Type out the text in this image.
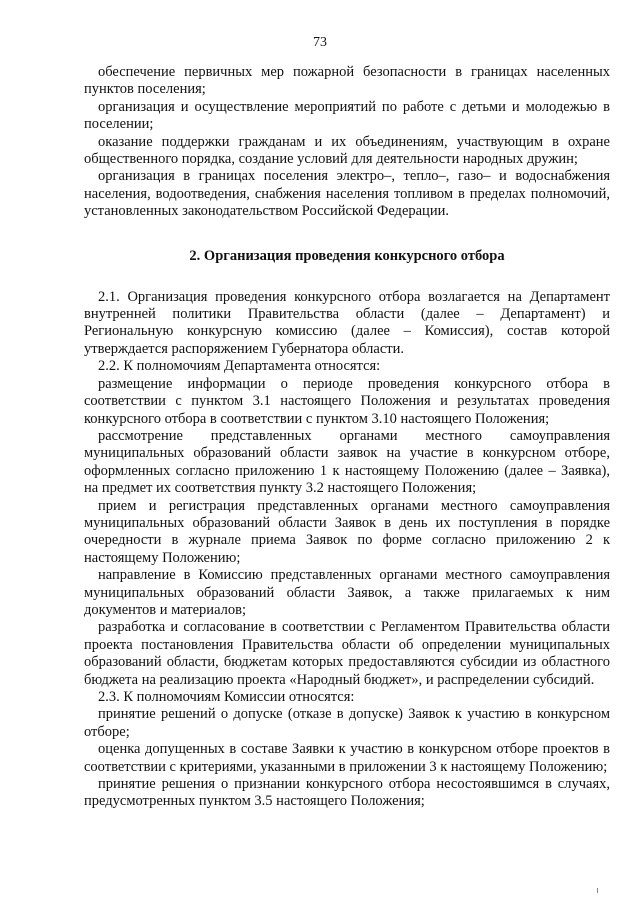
73

обеспечение первичных мер пожарной безопасности в границах населенных пунктов поселения;

организация и осуществление мероприятий по работе с детьми и молодежью в поселении;

оказание поддержки гражданам и их объединениям, участвующим в охране общественного порядка, создание условий для деятельности народных дружин;

организация в границах поселения электро–, тепло–, газо– и водоснабжения населения, водоотведения, снабжения населения топливом в пределах полномочий, установленных законодательством Российской Федерации.

2. Организация проведения конкурсного отбора

2.1. Организация проведения конкурсного отбора возлагается на Департамент внутренней политики Правительства области (далее – Департамент) и Региональную конкурсную комиссию (далее – Комиссия), состав которой утверждается распоряжением Губернатора области.

2.2. К полномочиям Департамента относятся:

размещение информации о периоде проведения конкурсного отбора в соответствии с пунктом 3.1 настоящего Положения и результатах проведения конкурсного отбора в соответствии с пунктом 3.10 настоящего Положения;

рассмотрение представленных органами местного самоуправления муниципальных образований области заявок на участие в конкурсном отборе, оформленных согласно приложению 1 к настоящему Положению (далее – Заявка), на предмет их соответствия пункту 3.2 настоящего Положения;

прием и регистрация представленных органами местного самоуправления муниципальных образований области Заявок в день их поступления в порядке очередности в журнале приема Заявок по форме согласно приложению 2 к настоящему Положению;

направление в Комиссию представленных органами местного самоуправления муниципальных образований области Заявок, а также прилагаемых к ним документов и материалов;

разработка и согласование в соответствии с Регламентом Правительства области проекта постановления Правительства области об определении муниципальных образований области, бюджетам которых предоставляются субсидии из областного бюджета на реализацию проекта «Народный бюджет», и распределении субсидий.

2.3. К полномочиям Комиссии относятся:

принятие решений о допуске (отказе в допуске) Заявок к участию в конкурсном отборе;

оценка допущенных в составе Заявки к участию в конкурсном отборе проектов в соответствии с критериями, указанными в приложении 3 к настоящему Положению;

принятие решения о признании конкурсного отбора несостоявшимся в случаях, предусмотренных пунктом 3.5 настоящего Положения;
